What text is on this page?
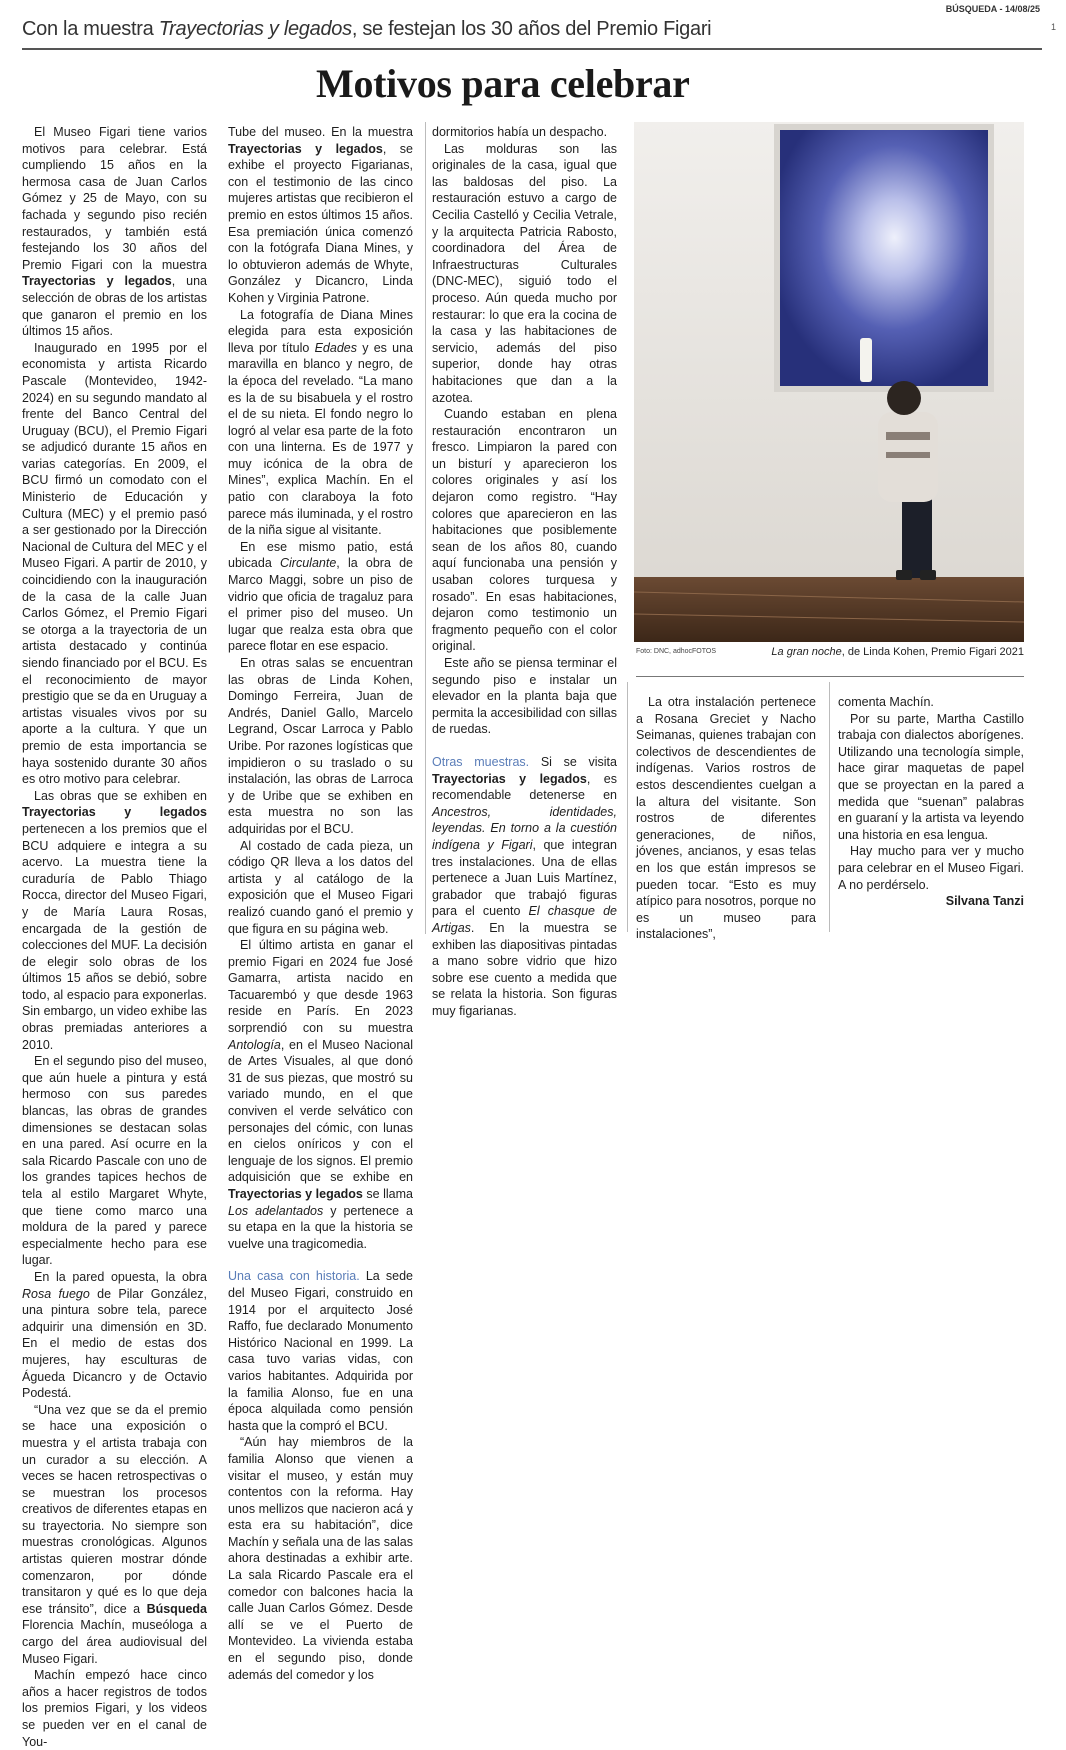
BÚSQUEDA - 14/08/25
1
Con la muestra Trayectorias y legados, se festejan los 30 años del Premio Figari
Motivos para celebrar

El Museo Figari tiene varios motivos para celebrar. Está cumpliendo 15 años en la hermosa casa de Juan Carlos Gómez y 25 de Mayo, con su fachada y segundo piso recién restaurados, y también está festejando los 30 años del Premio Figari con la muestra Trayectorias y legados, una selección de obras de los artistas que ganaron el premio en los últimos 15 años.

Inaugurado en 1995 por el economista y artista Ricardo Pascale (Montevideo, 1942-2024) en su segundo mandato al frente del Banco Central del Uruguay (BCU), el Premio Figari se adjudicó durante 15 años en varias categorías. En 2009, el BCU firmó un comodato con el Ministerio de Educación y Cultura (MEC) y el premio pasó a ser gestionado por la Dirección Nacional de Cultura del MEC y el Museo Figari. A partir de 2010, y coincidiendo con la inauguración de la casa de la calle Juan Carlos Gómez, el Premio Figari se otorga a la trayectoria de un artista destacado y continúa siendo financiado por el BCU. Es el reconocimiento de mayor prestigio que se da en Uruguay a artistas visuales vivos por su aporte a la cultura. Y que un premio de esta importancia se haya sostenido durante 30 años es otro motivo para celebrar.

Las obras que se exhiben en Trayectorias y legados pertenecen a los premios que el BCU adquiere e integra a su acervo. La muestra tiene la curaduría de Pablo Thiago Rocca, director del Museo Figari, y de María Laura Rosas, encargada de la gestión de colecciones del MUF. La decisión de elegir solo obras de los últimos 15 años se debió, sobre todo, al espacio para exponerlas. Sin embargo, un video exhibe las obras premiadas anteriores a 2010.

En el segundo piso del museo, que aún huele a pintura y está hermoso con sus paredes blancas, las obras de grandes dimensiones se destacan solas en una pared. Así ocurre en la sala Ricardo Pascale con uno de los grandes tapices hechos de tela al estilo Margaret Whyte, que tiene como marco una moldura de la pared y parece especialmente hecho para ese lugar.

En la pared opuesta, la obra Rosa fuego de Pilar González, una pintura sobre tela, parece adquirir una dimensión en 3D. En el medio de estas dos mujeres, hay esculturas de Águeda Dicancro y de Octavio Podestá.

“Una vez que se da el premio se hace una exposición o muestra y el artista trabaja con un curador a su elección. A veces se hacen retrospectivas o se muestran los procesos creativos de diferentes etapas en su trayectoria. No siempre son muestras cronológicas. Algunos artistas quieren mostrar dónde comenzaron, por dónde transitaron y qué es lo que deja ese tránsito”, dice a Búsqueda Florencia Machín, museóloga a cargo del área audiovisual del Museo Figari.

Machín empezó hace cinco años a hacer registros de todos los premios Figari, y los videos se pueden ver en el canal de You-

Tube del museo. En la muestra Trayectorias y legados, se exhibe el proyecto Figarianas, con el testimonio de las cinco mujeres artistas que recibieron el premio en estos últimos 15 años. Esa premiación única comenzó con la fotógrafa Diana Mines, y lo obtuvieron además de Whyte, González y Dicancro, Linda Kohen y Virginia Patrone.

La fotografía de Diana Mines elegida para esta exposición lleva por título Edades y es una maravilla en blanco y negro, de la época del revelado. “La mano es la de su bisabuela y el rostro el de su nieta. El fondo negro lo logró al velar esa parte de la foto con una linterna. Es de 1977 y muy icónica de la obra de Mines”, explica Machín. En el patio con claraboya la foto parece más iluminada, y el rostro de la niña sigue al visitante.

En ese mismo patio, está ubicada Circulante, la obra de Marco Maggi, sobre un piso de vidrio que oficia de tragaluz para el primer piso del museo. Un lugar que realza esta obra que parece flotar en ese espacio.

En otras salas se encuentran las obras de Linda Kohen, Domingo Ferreira, Juan de Andrés, Daniel Gallo, Marcelo Legrand, Oscar Larroca y Pablo Uribe. Por razones logísticas que impidieron o su traslado o su instalación, las obras de Larroca y de Uribe que se exhiben en esta muestra no son las adquiridas por el BCU.

Al costado de cada pieza, un código QR lleva a los datos del artista y al catálogo de la exposición que el Museo Figari realizó cuando ganó el premio y que figura en su página web.

El último artista en ganar el premio Figari en 2024 fue José Gamarra, artista nacido en Tacuarembó y que desde 1963 reside en París. En 2023 sorprendió con su muestra Antología, en el Museo Nacional de Artes Visuales, al que donó 31 de sus piezas, que mostró su variado mundo, en el que conviven el verde selvático con personajes del cómic, con lunas en cielos oníricos y con el lenguaje de los signos. El premio adquisición que se exhibe en Trayectorias y legados se llama Los adelantados y pertenece a su etapa en la que la historia se vuelve una tragicomedia.

Una casa con historia. La sede del Museo Figari, construido en 1914 por el arquitecto José Raffo, fue declarado Monumento Histórico Nacional en 1999. La casa tuvo varias vidas, con varios habitantes. Adquirida por la familia Alonso, fue en una época alquilada como pensión hasta que la compró el BCU.

“Aún hay miembros de la familia Alonso que vienen a visitar el museo, y están muy contentos con la reforma. Hay unos mellizos que nacieron acá y esta era su habitación”, dice Machín y señala una de las salas ahora destinadas a exhibir arte. La sala Ricardo Pascale era el comedor con balcones hacia la calle Juan Carlos Gómez. Desde allí se ve el Puerto de Montevideo. La vivienda estaba en el segundo piso, donde además del comedor y los

dormitorios había un despacho.

Las molduras son las originales de la casa, igual que las baldosas del piso. La restauración estuvo a cargo de Cecilia Castelló y Cecilia Vetrale, y la arquitecta Patricia Rabosto, coordinadora del Área de Infraestructuras Culturales (DNC-MEC), siguió todo el proceso. Aún queda mucho por restaurar: lo que era la cocina de la casa y las habitaciones de servicio, además del piso superior, donde hay otras habitaciones que dan a la azotea.

Cuando estaban en plena restauración encontraron un fresco. Limpiaron la pared con un bisturí y aparecieron los colores originales y así los dejaron como registro. “Hay colores que aparecieron en las habitaciones que posiblemente sean de los años 80, cuando aquí funcionaba una pensión y usaban colores turquesa y rosado”. En esas habitaciones, dejaron como testimonio un fragmento pequeño con el color original.

Este año se piensa terminar el segundo piso e instalar un elevador en la planta baja que permita la accesibilidad con sillas de ruedas.

Otras muestras. Si se visita Trayectorias y legados, es recomendable detenerse en Ancestros, identidades, leyendas. En torno a la cuestión indígena y Figari, que integran tres instalaciones. Una de ellas pertenece a Juan Luis Martínez, grabador que trabajó figuras para el cuento El chasque de Artigas. En la muestra se exhiben las diapositivas pintadas a mano sobre vidrio que hizo sobre ese cuento a medida que se relata la historia. Son figuras muy figarianas.

Foto: DNC, adhocFOTOS	La gran noche, de Linda Kohen, Premio Figari 2021

La otra instalación pertenece a Rosana Greciet y Nacho Seimanas, quienes trabajan con colectivos de descendientes de indígenas. Varios rostros de estos descendientes cuelgan a la altura del visitante. Son rostros de diferentes generaciones, de niños, jóvenes, ancianos, y esas telas en los que están impresos se pueden tocar. “Esto es muy atípico para nosotros, porque no es un museo para instalaciones”,

comenta Machín.

Por su parte, Martha Castillo trabaja con dialectos aborígenes. Utilizando una tecnología simple, hace girar maquetas de papel que se proyectan en la pared a medida que “suenan” palabras en guaraní y la artista va leyendo una historia en esa lengua.

Hay mucho para ver y mucho para celebrar en el Museo Figari. A no perdérselo.

Silvana Tanzi
